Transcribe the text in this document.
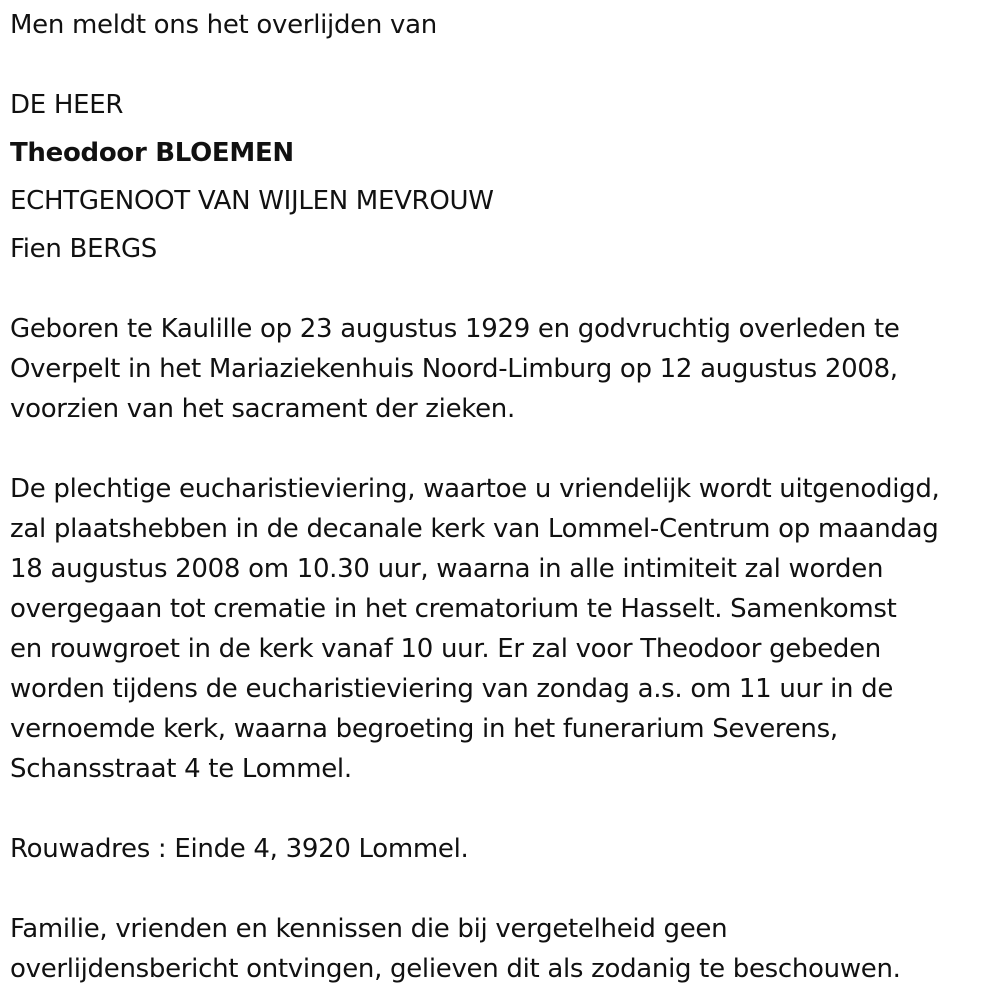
Men meldt ons het overlijden van
DE HEER
Theodoor BLOEMEN
ECHTGENOOT VAN WIJLEN MEVROUW
Fien BERGS
Geboren te Kaulille op 23 augustus 1929 en godvruchtig overleden te
Overpelt in het Mariaziekenhuis Noord-Limburg op 12 augustus 2008,
voorzien van het sacrament der zieken.
De plechtige eucharistieviering, waartoe u vriendelijk wordt uitgenodigd,
zal plaatshebben in de decanale kerk van Lommel-Centrum op maandag
18 augustus 2008 om 10.30 uur, waarna in alle intimiteit zal worden
overgegaan tot crematie in het crematorium te Hasselt. Samenkomst
en rouwgroet in de kerk vanaf 10 uur. Er zal voor Theodoor gebeden
worden tijdens de eucharistieviering van zondag a.s. om 11 uur in de
vernoemde kerk, waarna begroeting in het funerarium Severens,
Schansstraat 4 te Lommel.
Rouwadres : Einde 4, 3920 Lommel.
Familie, vrienden en kennissen die bij vergetelheid geen
overlijdensbericht ontvingen, gelieven dit als zodanig te beschouwen.
